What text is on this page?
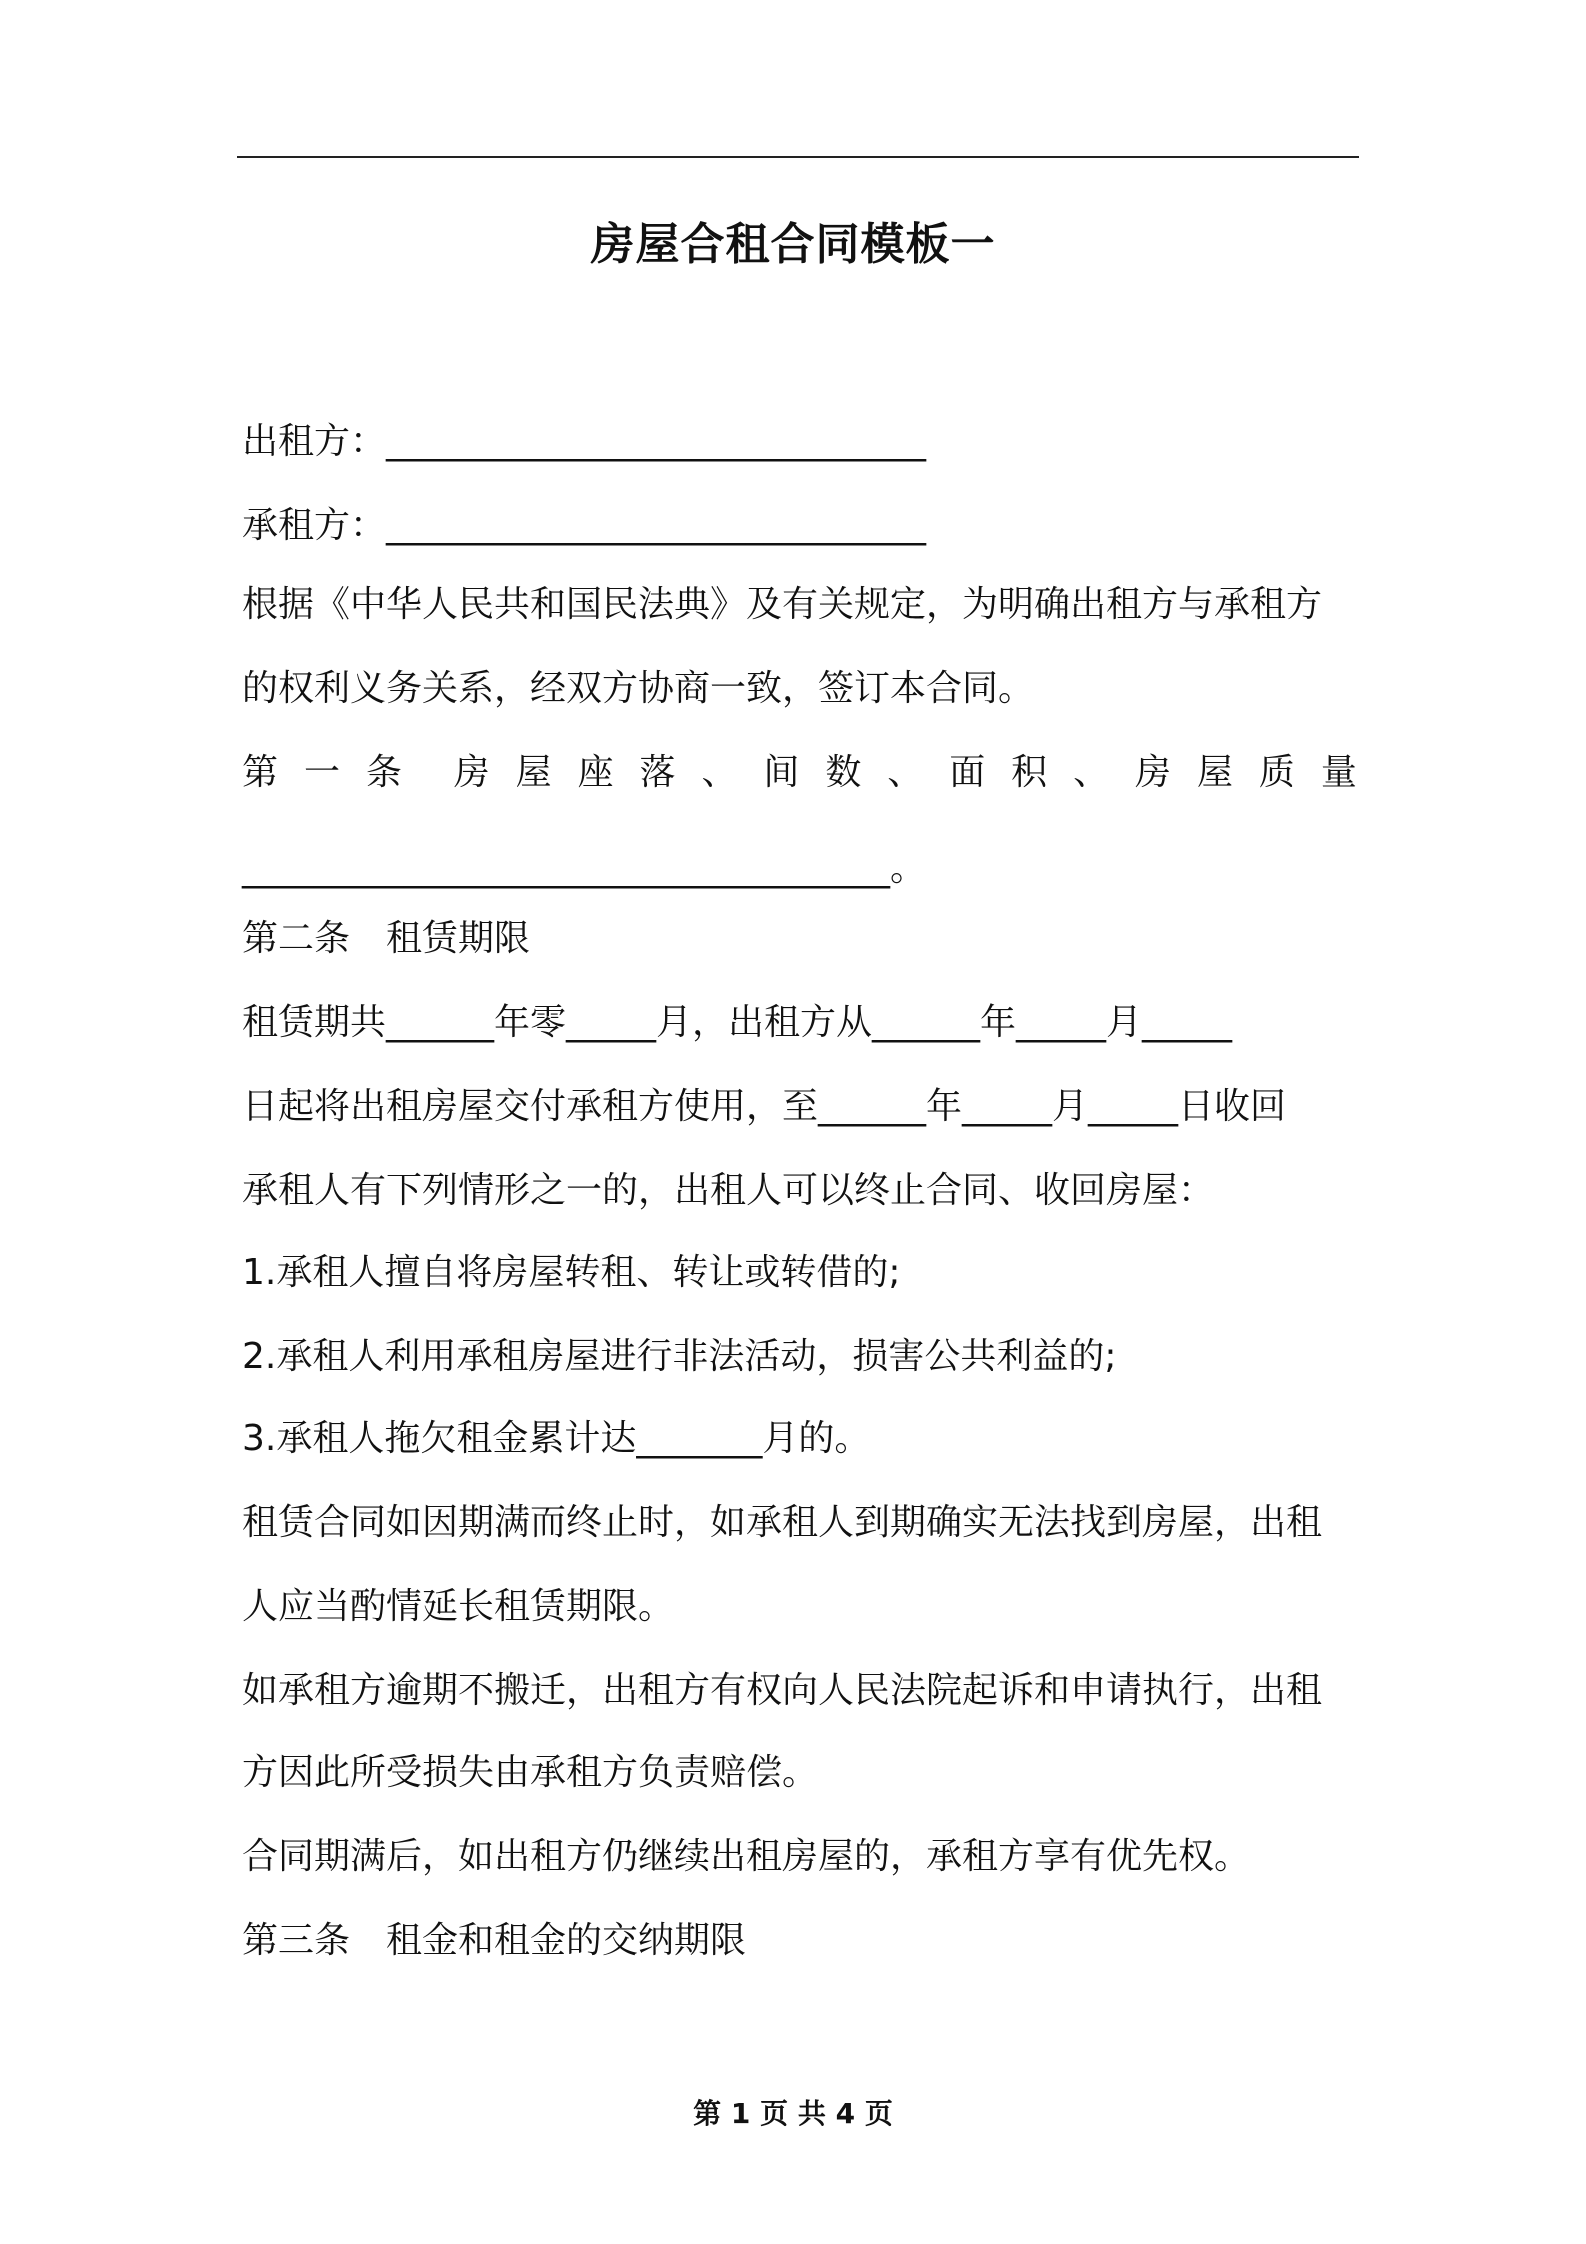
房屋合租合同模板一
出租方：______________________________
承租方：______________________________
根据《中华人民共和国民法典》及有关规定，为明确出租方与承租方
的权利义务关系，经双方协商一致，签订本合同。
第 一 条 房 屋 座 落 、 间 数 、 面 积 、 房 屋 质 量
____________________________________。
第二条　租赁期限
租赁期共______年零_____月，出租方从______年_____月_____
日起将出租房屋交付承租方使用，至______年_____月_____日收回
承租人有下列情形之一的，出租人可以终止合同、收回房屋：
1.承租人擅自将房屋转租、转让或转借的;
2.承租人利用承租房屋进行非法活动，损害公共利益的;
3.承租人拖欠租金累计达_______月的。
租赁合同如因期满而终止时，如承租人到期确实无法找到房屋，出租
人应当酌情延长租赁期限。
如承租方逾期不搬迁，出租方有权向人民法院起诉和申请执行，出租
方因此所受损失由承租方负责赔偿。
合同期满后，如出租方仍继续出租房屋的，承租方享有优先权。
第三条　租金和租金的交纳期限
第 1 页 共 4 页
